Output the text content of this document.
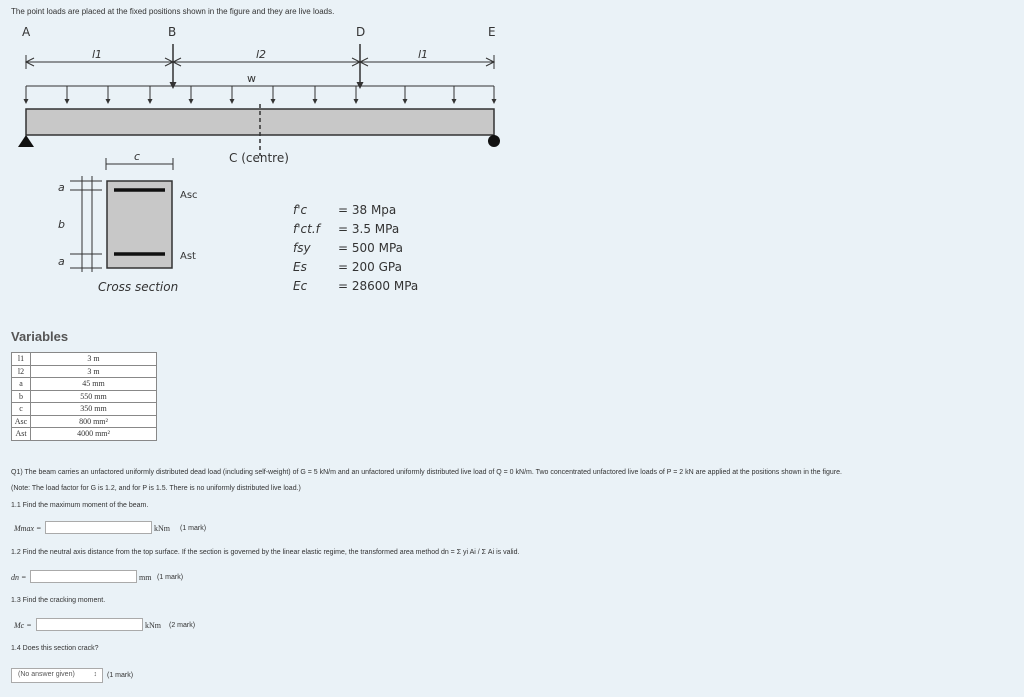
The point loads are placed at the fixed positions shown in the figure and they are live loads.
A	B	D	E
l1	l2	l1
w
C (centre)
c
Asc
Ast
a
b
a
Cross section
f'c	= 38 Mpa
f'ct.f = 3.5 MPa
fsy = 500 MPa
Es	= 200 GPa
Ec	= 28600 MPa
Variables
l1	3 m
l2	3 m
a	45 mm
b	550 mm
c	350 mm
Asc	800 mm²
Ast	4000 mm²
Q1) The beam carries an unfactored uniformly distributed dead load (including self-weight) of G = 5 kN/m and an unfactored uniformly distributed live load of Q = 0 kN/m. Two concentrated unfactored live loads of P = 2 kN are applied at the positions shown in the figure.
(Note: The load factor for G is 1.2, and for P is 1.5. There is no uniformly distributed live load.)
1.1 Find the maximum moment of the beam.
Mmax =	kNm (1 mark)
1.2 Find the neutral axis distance from the top surface. If the section is governed by the linear elastic regime, the transformed area method dn = Σ yi Ai / Σ Ai is valid.
dn =	mm (1 mark)
1.3 Find the cracking moment.
Mc =	kNm (2 mark)
1.4 Does this section crack?
(No answer given)	↕ (1 mark)
